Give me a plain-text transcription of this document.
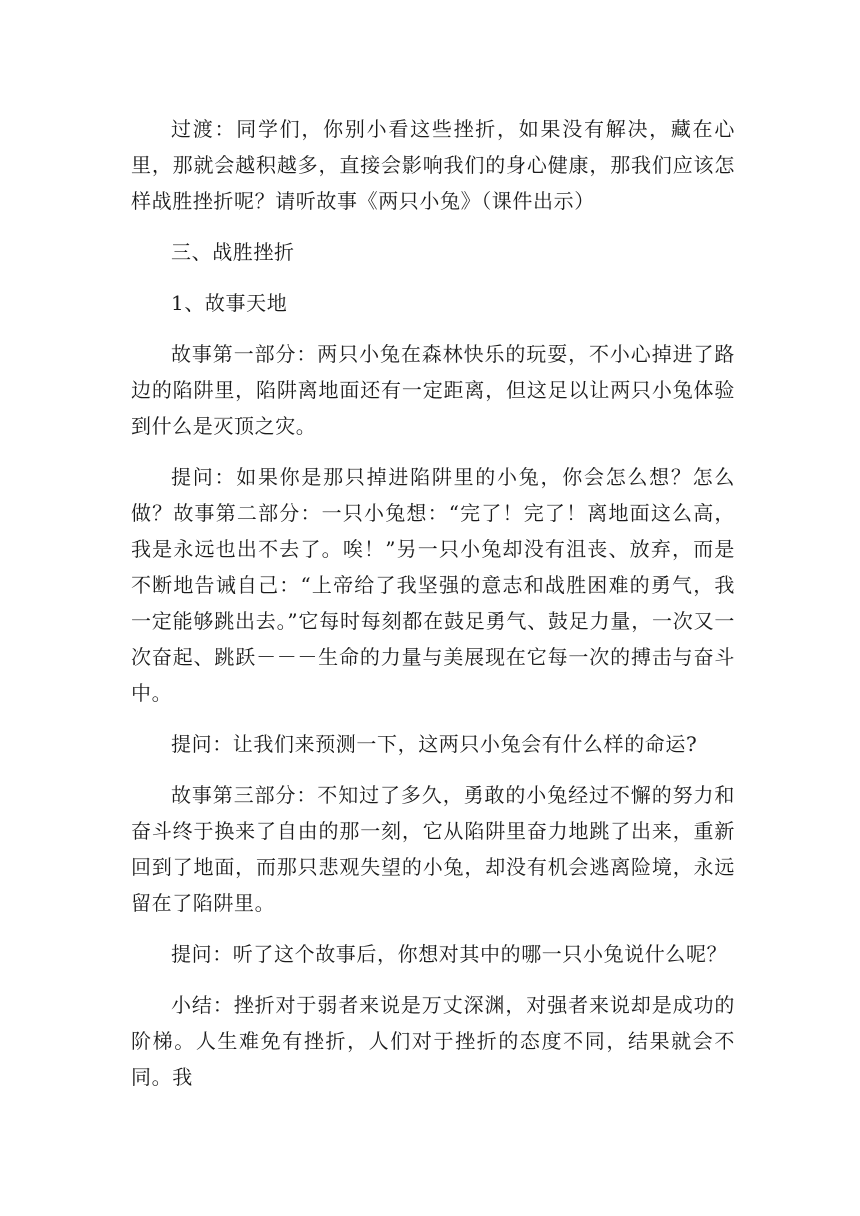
过渡：同学们，你别小看这些挫折，如果没有解决，藏在心里，那就会越积越多，直接会影响我们的身心健康，那我们应该怎样战胜挫折呢？请听故事《两只小兔》（课件出示）

三、战胜挫折

1、故事天地

故事第一部分：两只小兔在森林快乐的玩耍，不小心掉进了路边的陷阱里，陷阱离地面还有一定距离，但这足以让两只小兔体验到什么是灭顶之灾。

提问：如果你是那只掉进陷阱里的小兔，你会怎么想？怎么做？故事第二部分：一只小兔想：“完了！完了！离地面这么高，我是永远也出不去了。唉！”另一只小兔却没有沮丧、放弃，而是不断地告诫自己：“上帝给了我坚强的意志和战胜困难的勇气，我一定能够跳出去。”它每时每刻都在鼓足勇气、鼓足力量，一次又一次奋起、跳跃－－－生命的力量与美展现在它每一次的搏击与奋斗中。

提问：让我们来预测一下，这两只小兔会有什么样的命运?

故事第三部分：不知过了多久，勇敢的小兔经过不懈的努力和奋斗终于换来了自由的那一刻，它从陷阱里奋力地跳了出来，重新回到了地面，而那只悲观失望的小兔，却没有机会逃离险境，永远留在了陷阱里。

提问：听了这个故事后，你想对其中的哪一只小兔说什么呢？

小结：挫折对于弱者来说是万丈深渊，对强者来说却是成功的阶梯。人生难免有挫折，人们对于挫折的态度不同，结果就会不同。我
